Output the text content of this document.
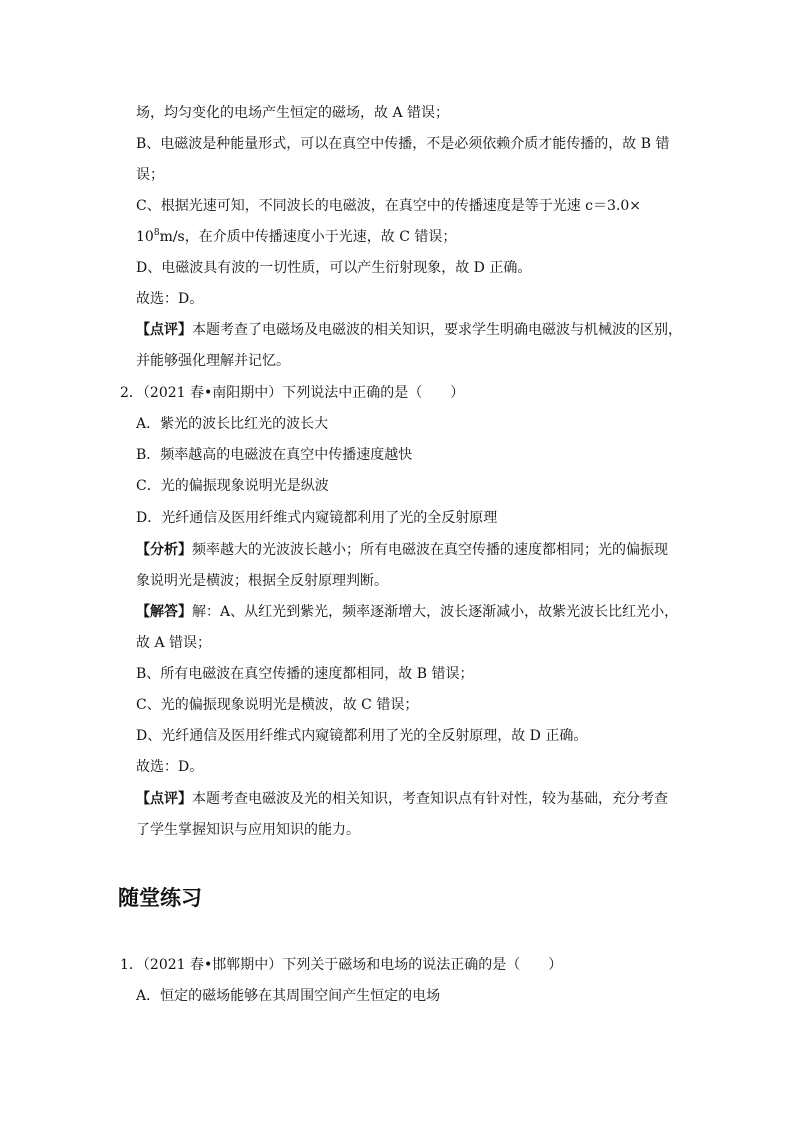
场，均匀变化的电场产生恒定的磁场，故 A 错误；
B、电磁波是种能量形式，可以在真空中传播，不是必须依赖介质才能传播的，故 B 错
误；
C、根据光速可知，不同波长的电磁波，在真空中的传播速度是等于光速 c＝3.0×
$10^8m/s$，在介质中传播速度小于光速，故 C 错误；
D、电磁波具有波的一切性质，可以产生衍射现象，故 D 正确。
故选：D。
【点评】本题考查了电磁场及电磁波的相关知识，要求学生明确电磁波与机械波的区别，
并能够强化理解并记忆。
2．（2021 春•南阳期中）下列说法中正确的是（　　）
A．紫光的波长比红光的波长大
B．频率越高的电磁波在真空中传播速度越快
C．光的偏振现象说明光是纵波
D．光纤通信及医用纤维式内窥镜都利用了光的全反射原理
【分析】频率越大的光波波长越小；所有电磁波在真空传播的速度都相同；光的偏振现
象说明光是横波；根据全反射原理判断。
【解答】解：A、从红光到紫光，频率逐渐增大，波长逐渐减小，故紫光波长比红光小，
故 A 错误；
B、所有电磁波在真空传播的速度都相同，故 B 错误；
C、光的偏振现象说明光是横波，故 C 错误；
D、光纤通信及医用纤维式内窥镜都利用了光的全反射原理，故 D 正确。
故选：D。
【点评】本题考查电磁波及光的相关知识，考查知识点有针对性，较为基础，充分考查
了学生掌握知识与应用知识的能力。
随堂练习
1．（2021 春•邯郸期中）下列关于磁场和电场的说法正确的是（　　）
A．恒定的磁场能够在其周围空间产生恒定的电场
